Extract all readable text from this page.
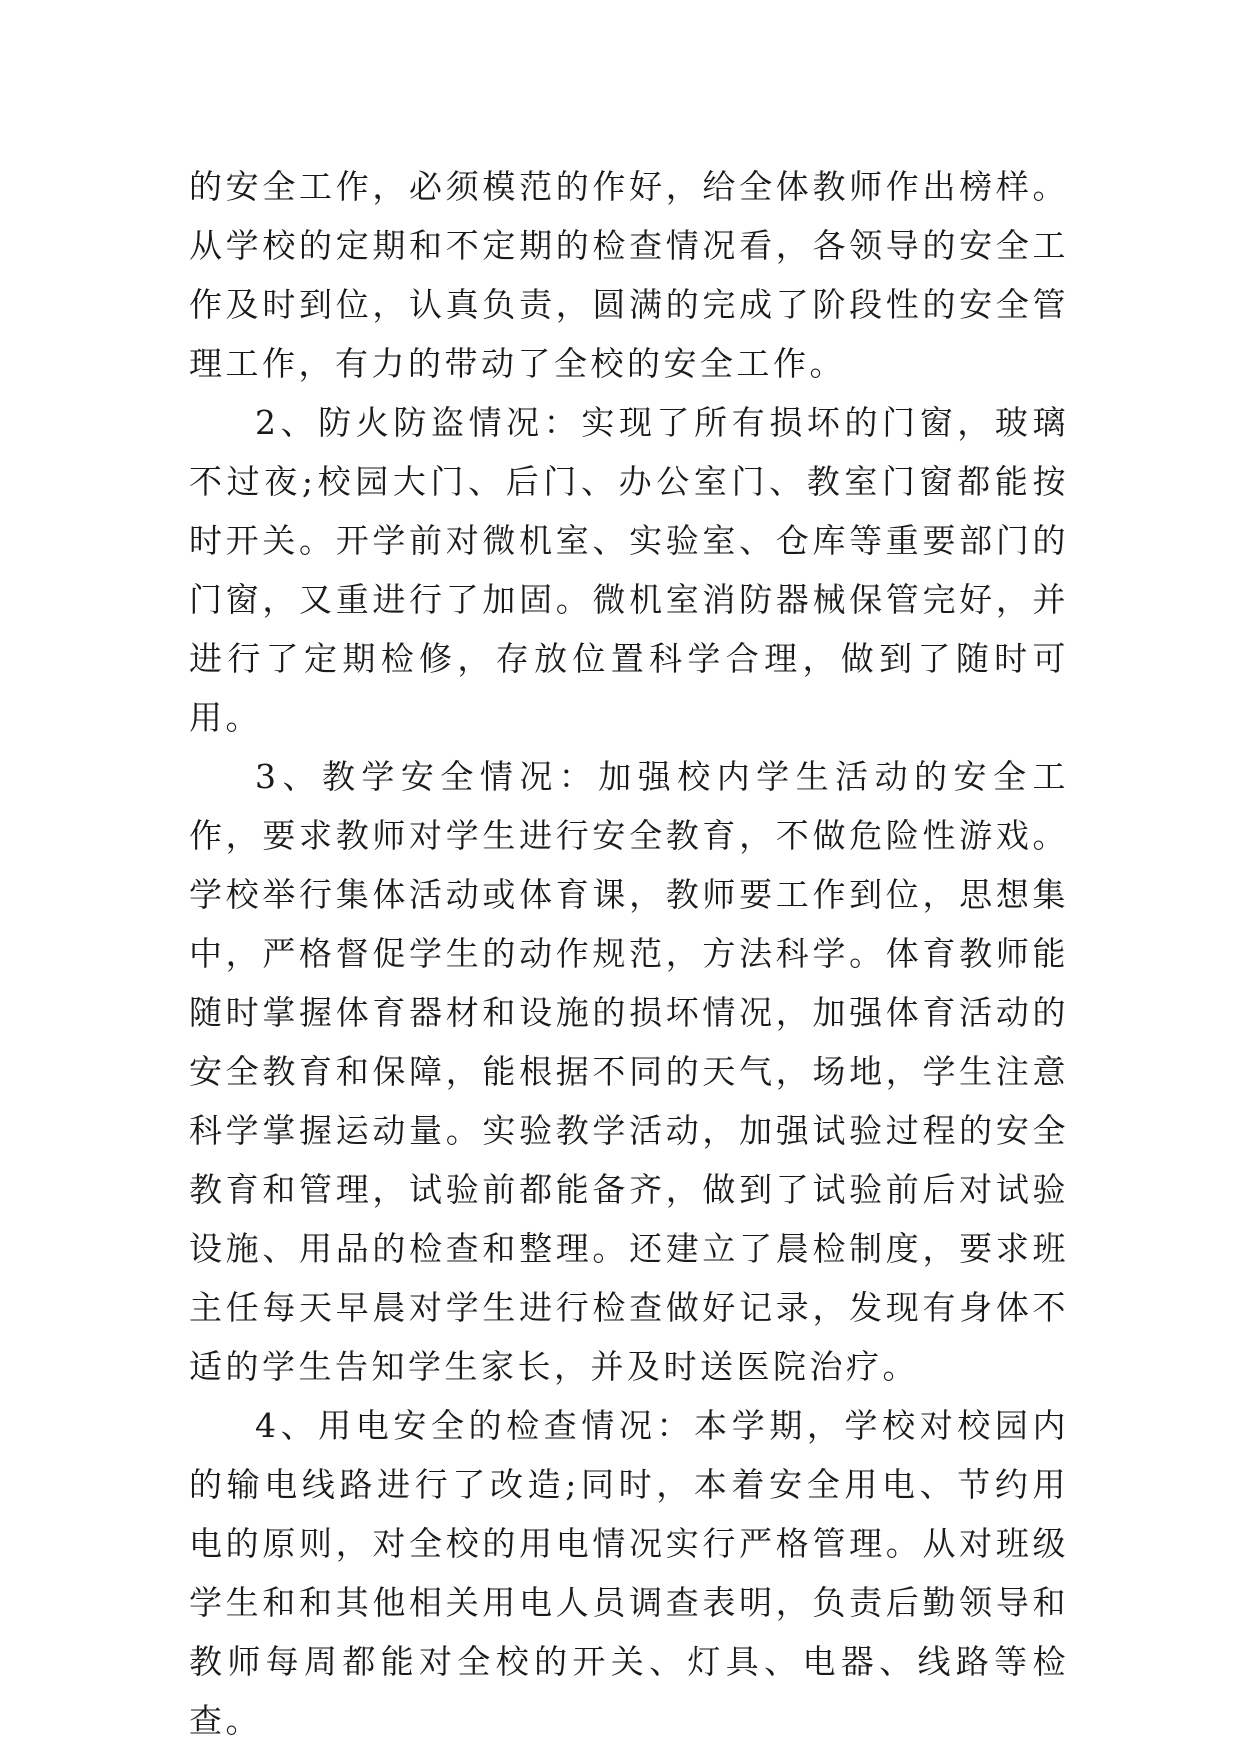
的安全工作，必须模范的作好，给全体教师作出榜样。从学校的定期和不定期的检查情况看，各领导的安全工作及时到位，认真负责，圆满的完成了阶段性的安全管理工作，有力的带动了全校的安全工作。

2、防火防盗情况：实现了所有损坏的门窗，玻璃不过夜;校园大门、后门、办公室门、教室门窗都能按时开关。开学前对微机室、实验室、仓库等重要部门的门窗，又重进行了加固。微机室消防器械保管完好，并进行了定期检修，存放位置科学合理，做到了随时可用。

3、教学安全情况：加强校内学生活动的安全工作，要求教师对学生进行安全教育，不做危险性游戏。学校举行集体活动或体育课，教师要工作到位，思想集中，严格督促学生的动作规范，方法科学。体育教师能随时掌握体育器材和设施的损坏情况，加强体育活动的安全教育和保障，能根据不同的天气，场地，学生注意科学掌握运动量。实验教学活动，加强试验过程的安全教育和管理，试验前都能备齐，做到了试验前后对试验设施、用品的检查和整理。还建立了晨检制度，要求班主任每天早晨对学生进行检查做好记录，发现有身体不适的学生告知学生家长，并及时送医院治疗。

4、用电安全的检查情况：本学期，学校对校园内的输电线路进行了改造;同时，本着安全用电、节约用电的原则，对全校的用电情况实行严格管理。从对班级学生和和其他相关用电人员调查表明，负责后勤领导和教师每周都能对全校的开关、灯具、电器、线路等检查。
